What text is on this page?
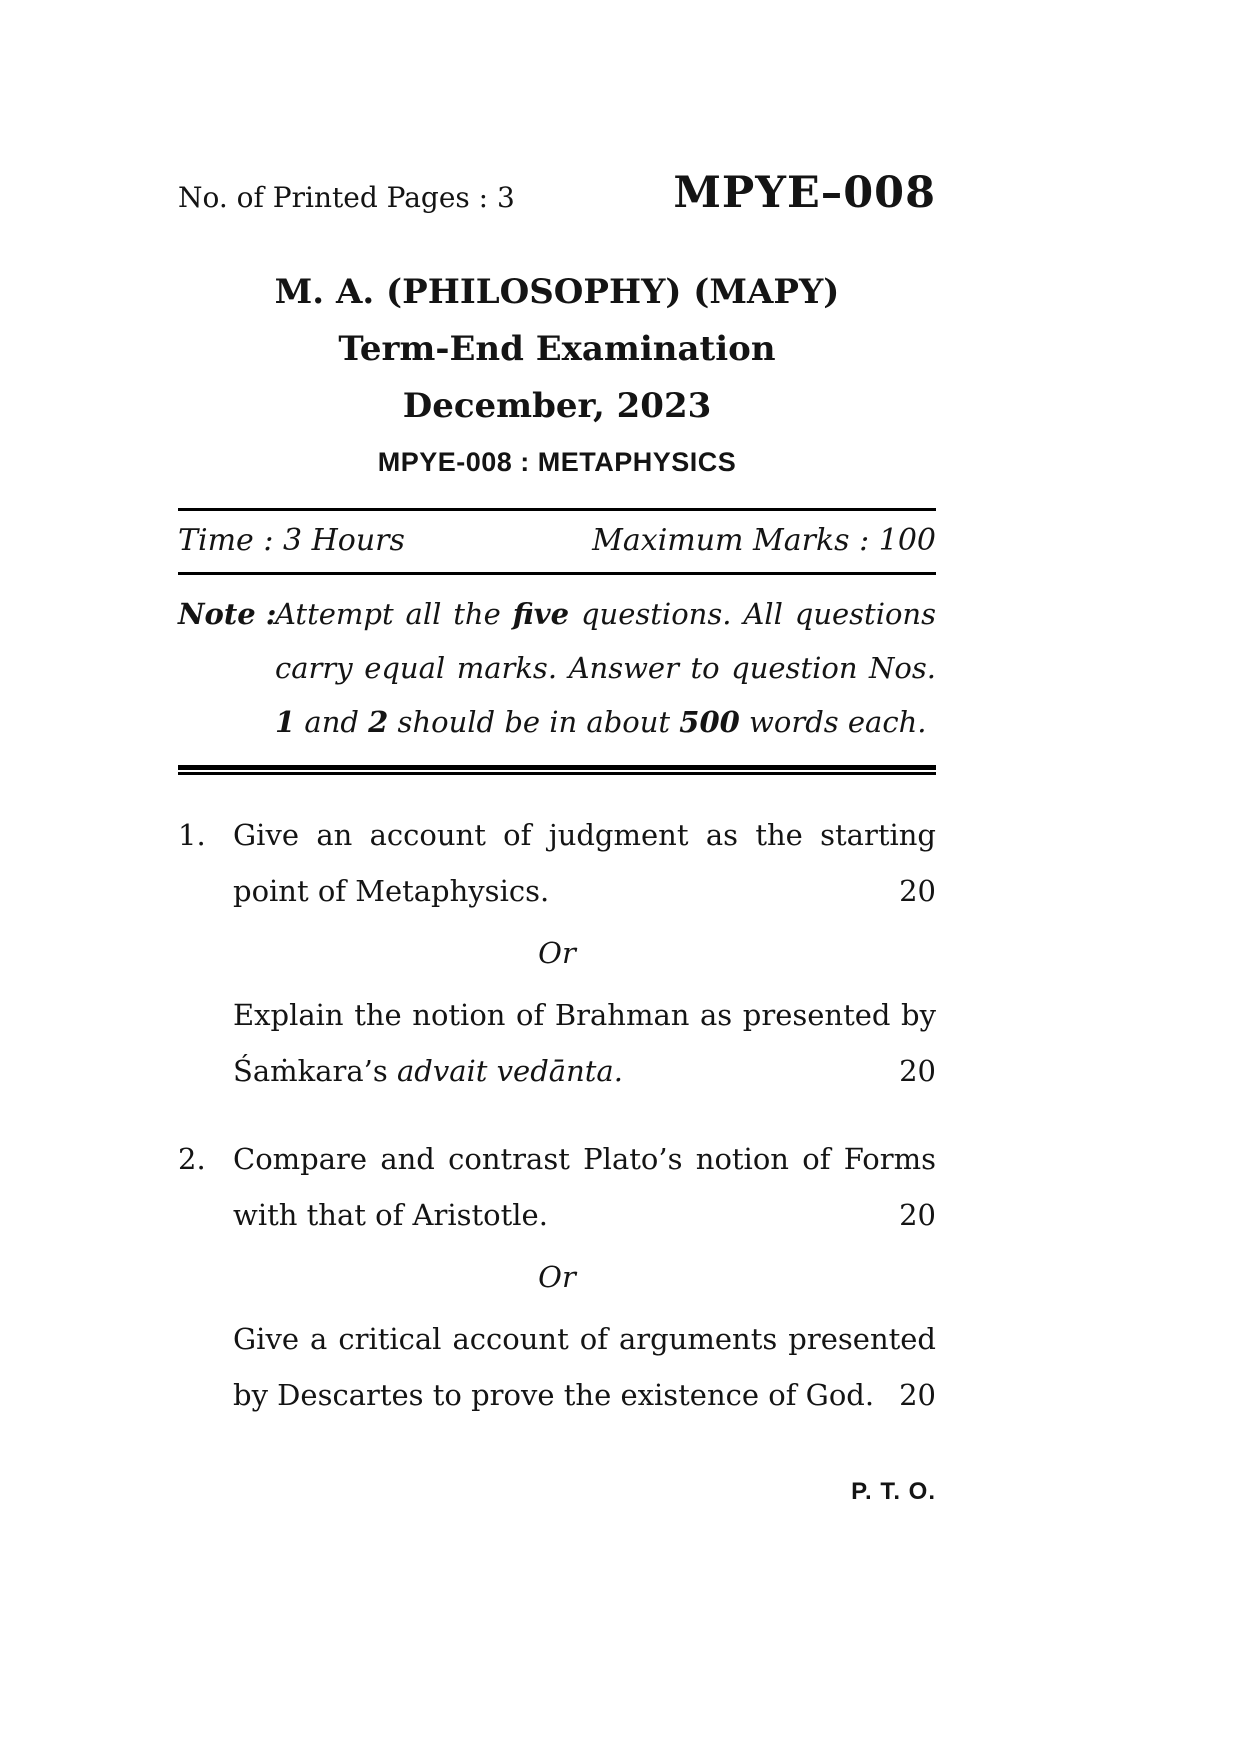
No. of Printed Pages : 3	MPYE–008
M. A. (PHILOSOPHY) (MAPY)
Term-End Examination
December, 2023
MPYE-008 : METAPHYSICS
Time : 3 Hours	Maximum Marks : 100
Note :
Attempt all the five questions. All questions carry equal marks. Answer to question Nos. 1 and 2 should be in about 500 words each.
1. Give an account of judgment as the starting point of Metaphysics.	20
Or
Explain the notion of Brahman as presented by Śaṁkara’s advait vedānta.	20
2. Compare and contrast Plato’s notion of Forms with that of Aristotle.	20
Or
Give a critical account of arguments presented by Descartes to prove the existence of God. 20
P. T. O.
